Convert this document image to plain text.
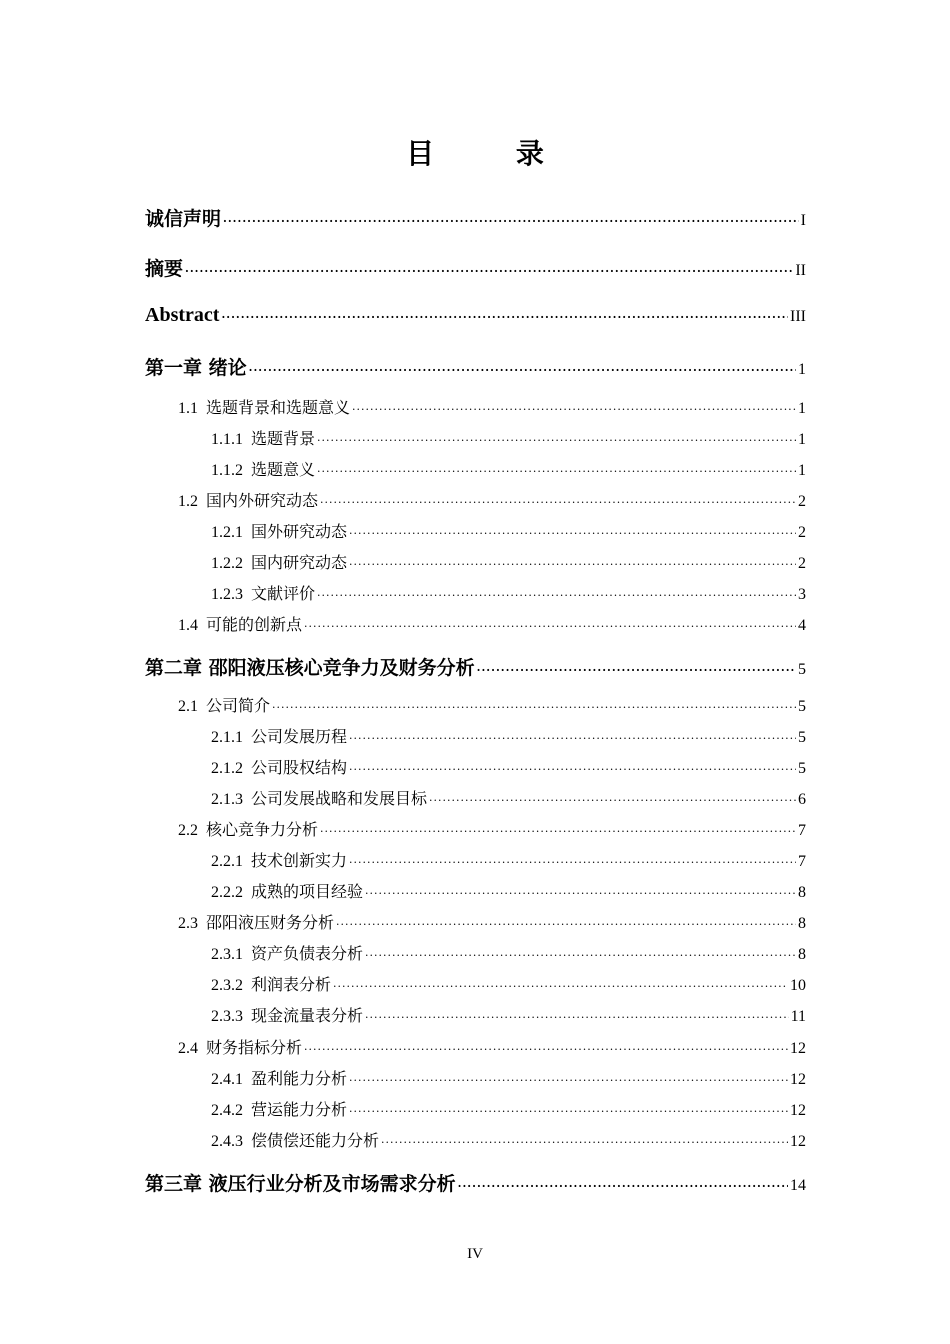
目 录
诚信声明 ·····	I
摘要 ·····	II
Abstract ·····	III
第一章 绪论 ·····	1
1.1 选题背景和选题意义 ·····	1
1.1.1 选题背景 ·····	1
1.1.2 选题意义 ·····	1
1.2 国内外研究动态 ·····	2
1.2.1 国外研究动态 ·····	2
1.2.2 国内研究动态 ·····	2
1.2.3 文献评价 ·····	3
1.4 可能的创新点 ·····	4
第二章 邵阳液压核心竞争力及财务分析 ·····	5
2.1 公司简介 ·····	5
2.1.1 公司发展历程 ·····	5
2.1.2 公司股权结构 ·····	5
2.1.3 公司发展战略和发展目标 ·····	6
2.2 核心竞争力分析 ·····	7
2.2.1 技术创新实力 ·····	7
2.2.2 成熟的项目经验 ·····	8
2.3 邵阳液压财务分析 ·····	8
2.3.1 资产负债表分析 ·····	8
2.3.2 利润表分析 ·····	10
2.3.3 现金流量表分析 ·····	11
2.4 财务指标分析 ·····	12
2.4.1 盈利能力分析 ·····	12
2.4.2 营运能力分析 ·····	12
2.4.3 偿债偿还能力分析 ·····	12
第三章 液压行业分析及市场需求分析 ·····	14
IV
